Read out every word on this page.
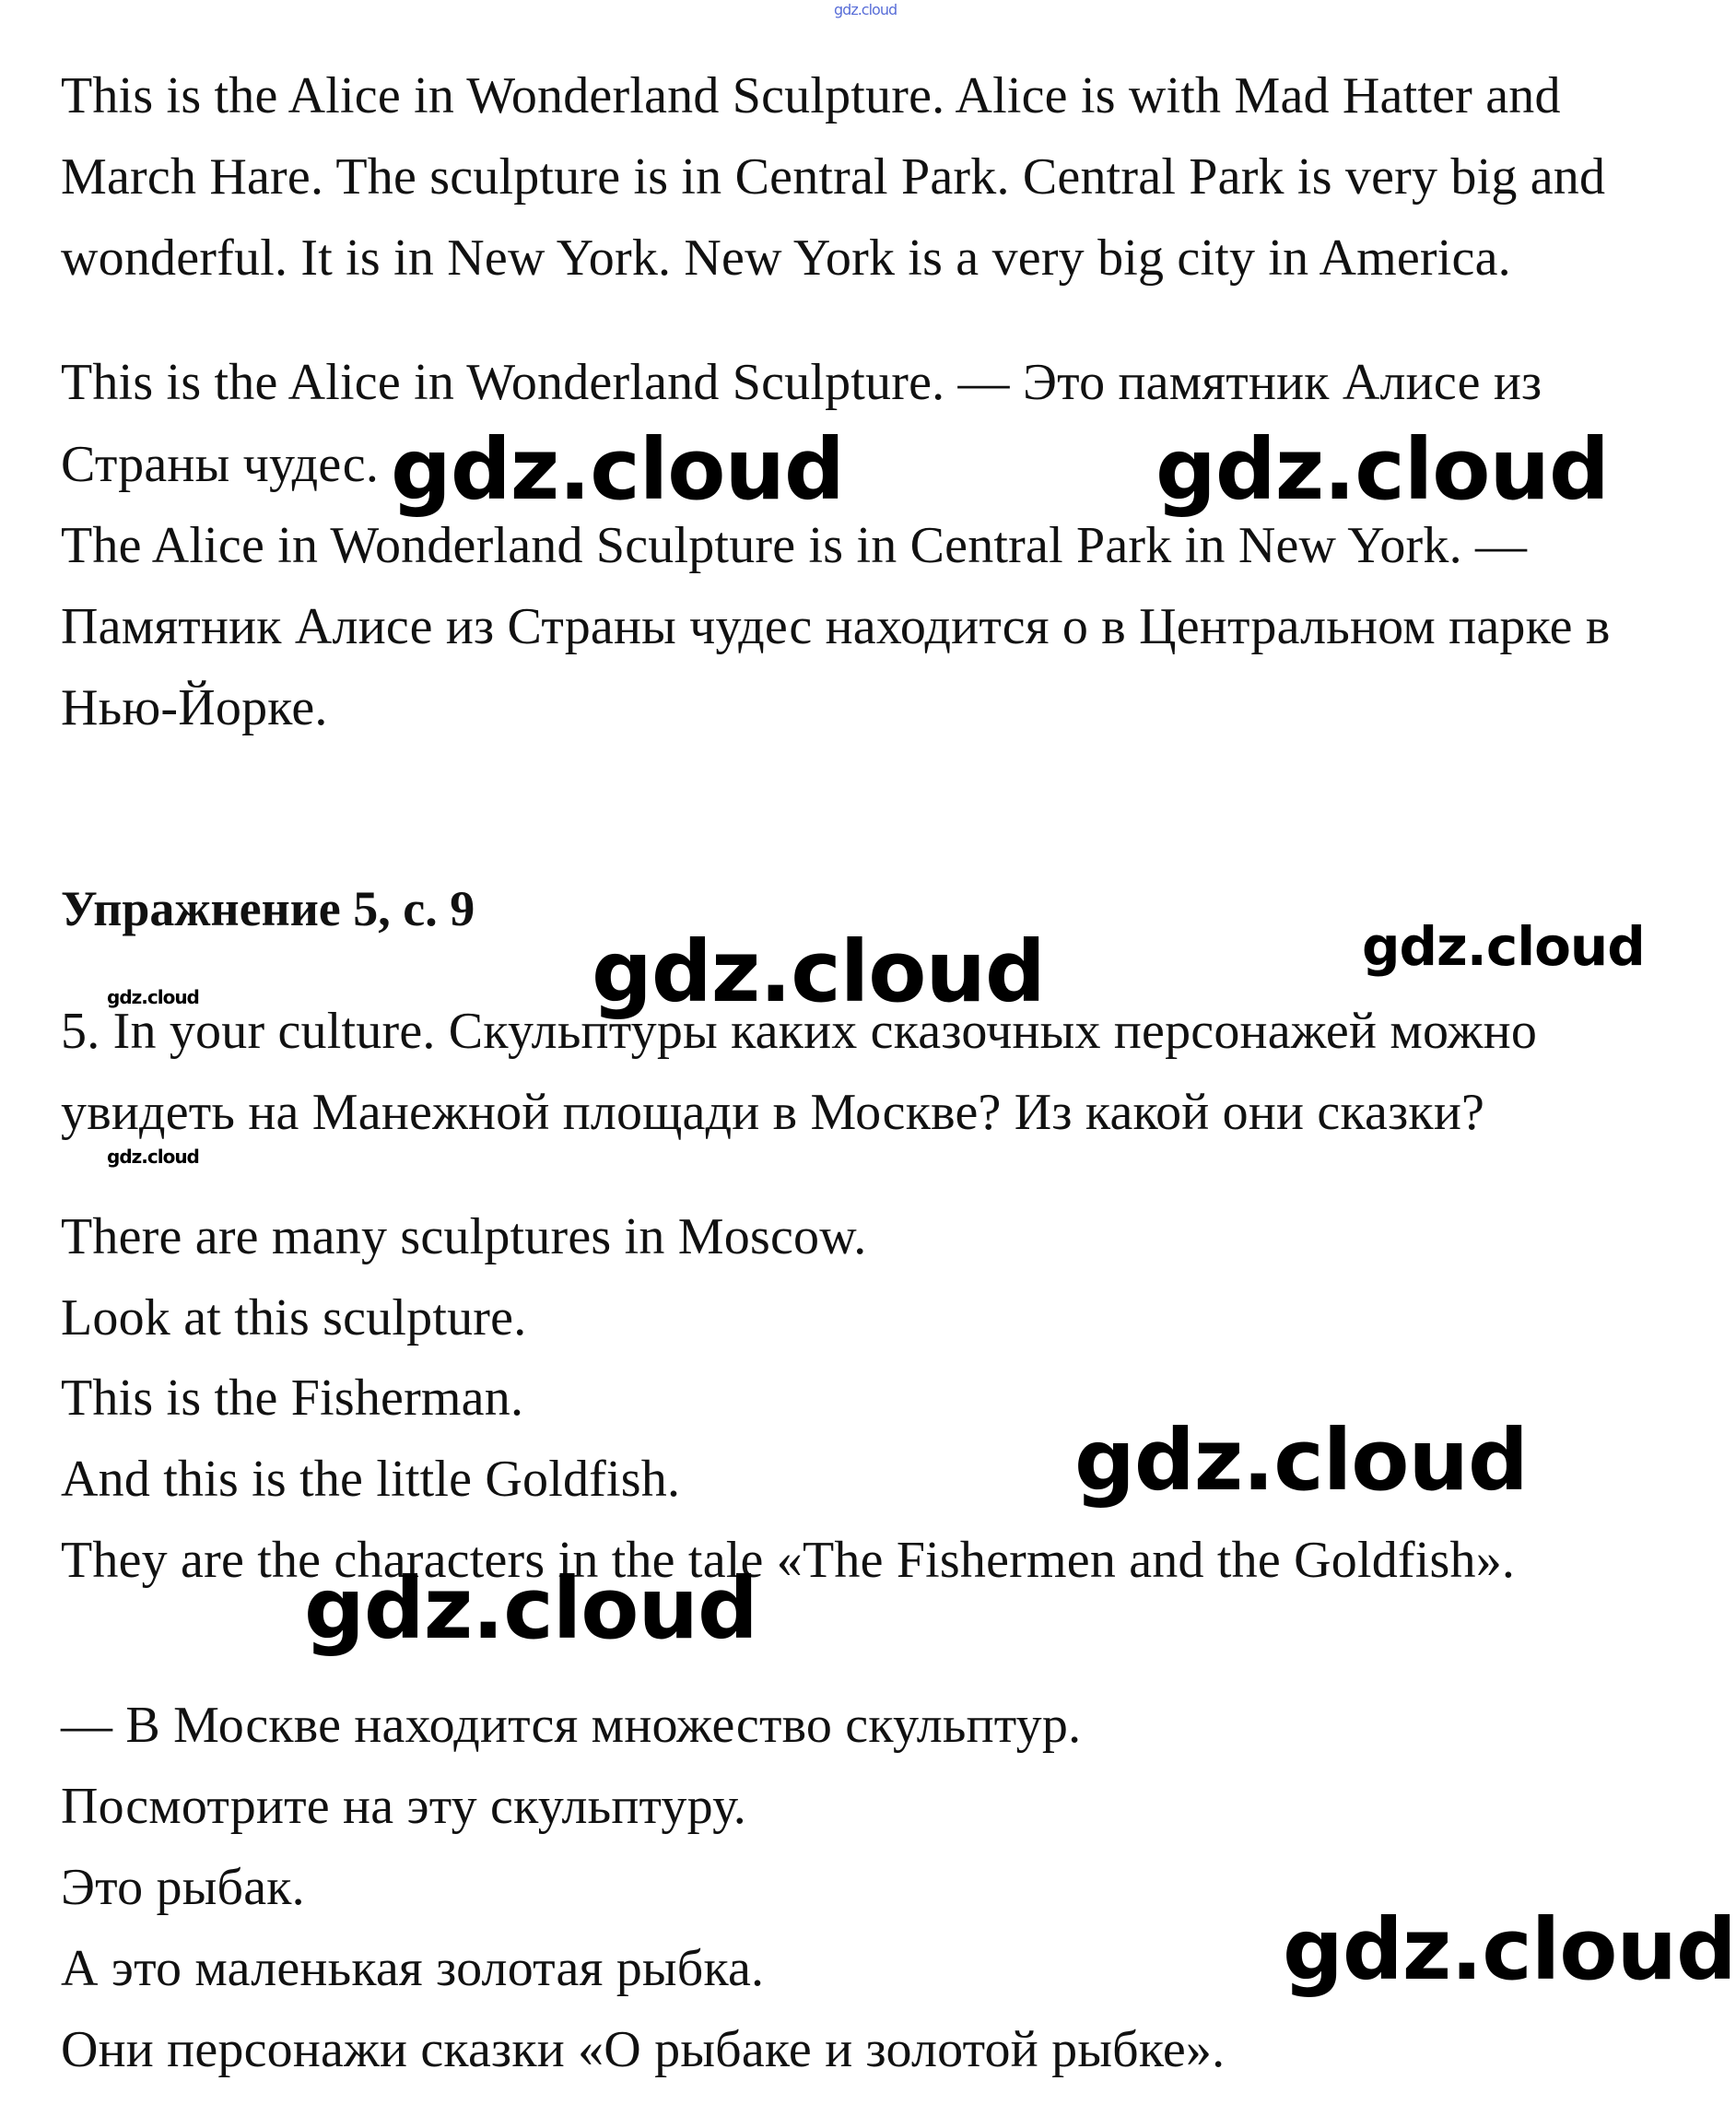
gdz.cloud
This is the Alice in Wonderland Sculpture. Alice is with Mad Hatter and
March Hare. The sculpture is in Central Park. Central Park is very big and
wonderful. It is in New York. New York is a very big city in America.
This is the Alice in Wonderland Sculpture. — Это памятник Алисе из
Страны чудес.
The Alice in Wonderland Sculpture is in Central Park in New York. —
Памятник Алисе из Страны чудес находится о в Центральном парке в
Нью-Йорке.
Упражнение 5, с. 9
5. In your culture. Скульптуры каких сказочных персонажей можно
увидеть на Манежной площади в Москве? Из какой они сказки?
There are many sculptures in Moscow.
Look at this sculpture.
This is the Fisherman.
And this is the little Goldfish.
They are the characters in the tale «The Fishermen and the Goldfish».
— В Москве находится множество скульптур.
Посмотрите на эту скульптуру.
Это рыбак.
А это маленькая золотая рыбка.
Они персонажи сказки «О рыбаке и золотой рыбке».
gdz.cloud	gdz.cloud
gdz.cloud	gdz.cloud
gdz.cloud
gdz.cloud
gdz.cloud
gdz.cloud
gdz.cloud
